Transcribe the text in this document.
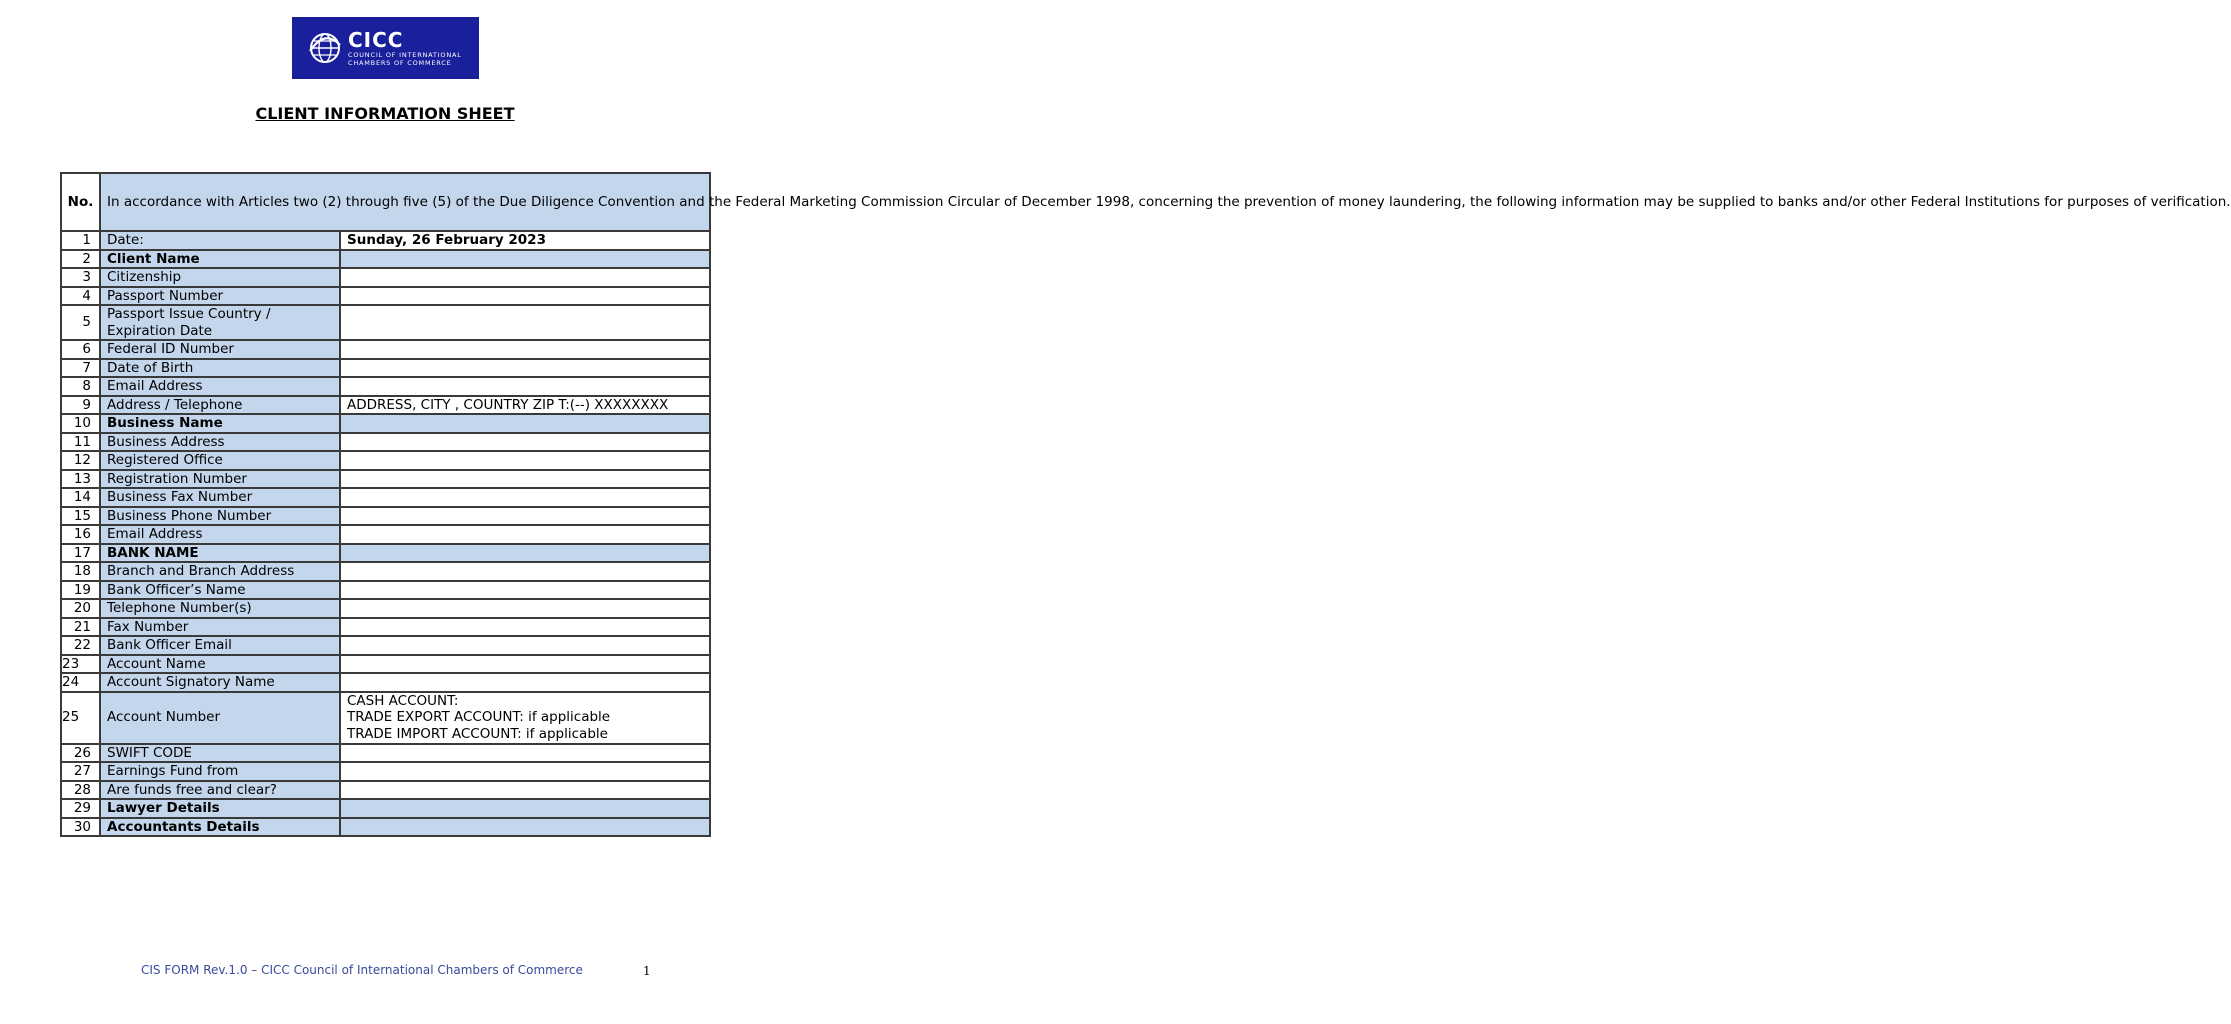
CICC
COUNCIL OF INTERNATIONAL
CHAMBERS OF COMMERCE
CLIENT INFORMATION SHEET
No.	In accordance with Articles two (2) through five (5) of the Due Diligence Convention and the Federal Marketing Commission Circular of December 1998, concerning the prevention of money laundering, the following information may be supplied to banks and/or other Federal Institutions for purposes of verification.	
1	Date:	Sunday, 26 February 2023
2	Client Name	
3	Citizenship	
4	Passport Number	
5	Passport Issue Country /
Expiration Date	

6	Federal ID Number	
7	Date of Birth	
8	Email Address	
9	Address / Telephone	ADDRESS, CITY , COUNTRY ZIP T:(--) XXXXXXXX
10	Business Name	
11	Business Address	
12	Registered Office	
13	Registration Number	
14	Business Fax Number	
15	Business Phone Number	
16	Email Address	
17	BANK NAME	
18	Branch and Branch Address	
19	Bank Officer’s Name	
20	Telephone Number(s)	
21	Fax Number	
22	Bank Officer Email	
23	Account Name	
24	Account Signatory Name	
25	Account Number	CASH ACCOUNT:
TRADE EXPORT ACCOUNT: if applicable
TRADE IMPORT ACCOUNT: if applicable

26	SWIFT CODE	
27	Earnings Fund from	
28	Are funds free and clear?	
29	Lawyer Details	
30	Accountants Details	
CIS FORM Rev.1.0 – CICC Council of International Chambers of Commerce	1
